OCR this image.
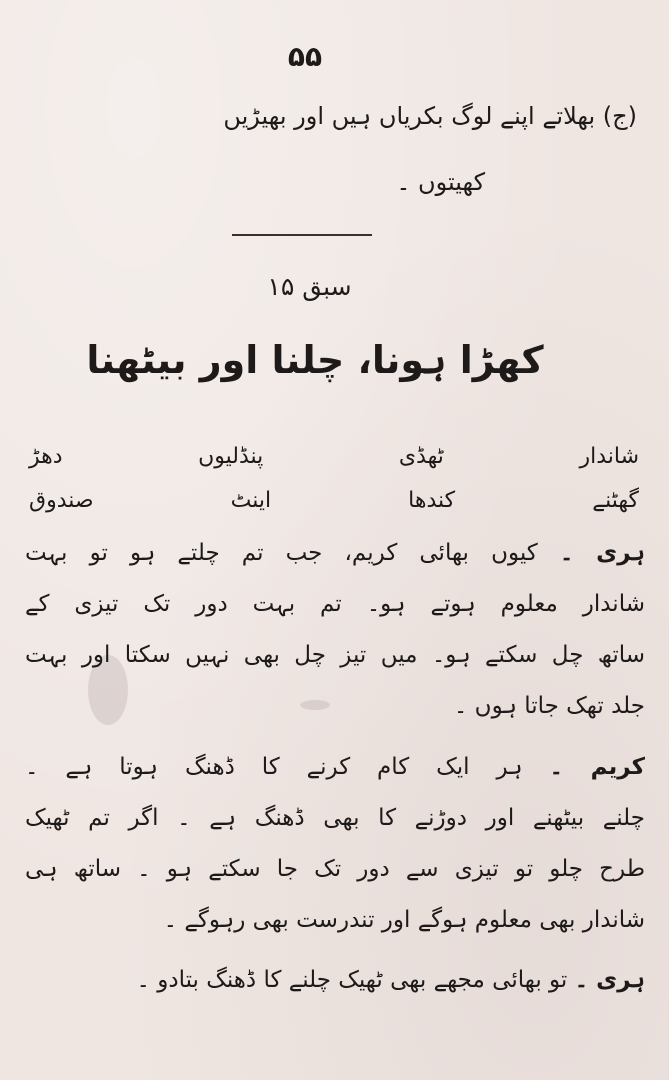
۵۵
(ج) بھلاتے اپنے لوگ بکریاں ہیں اور بھیڑیں
کھیتوں ۔
سبق ۱۵
کھڑا ہونا، چلنا اور بیٹھنا
شاندار
ٹھڈی
پنڈلیوں
دھڑ
گھٹنے
کندھا
اینٹ
صندوق
ہری ۔ کیوں بھائی کریم، جب تم چلتے ہو تو بہت
شاندار معلوم ہوتے ہو۔ تم بہت دور تک تیزی کے
ساتھ چل سکتے ہو۔ میں تیز چل بھی نہیں سکتا اور بہت
جلد تھک جاتا ہوں ۔
کریم ۔ ہر ایک کام کرنے کا ڈھنگ ہوتا ہے ۔
چلنے بیٹھنے اور دوڑنے کا بھی ڈھنگ ہے ۔ اگر تم ٹھیک
طرح چلو تو تیزی سے دور تک جا سکتے ہو ۔ ساتھ ہی
شاندار بھی معلوم ہوگے اور تندرست بھی رہوگے ۔
ہری ۔ تو بھائی مجھے بھی ٹھیک چلنے کا ڈھنگ بتادو ۔
